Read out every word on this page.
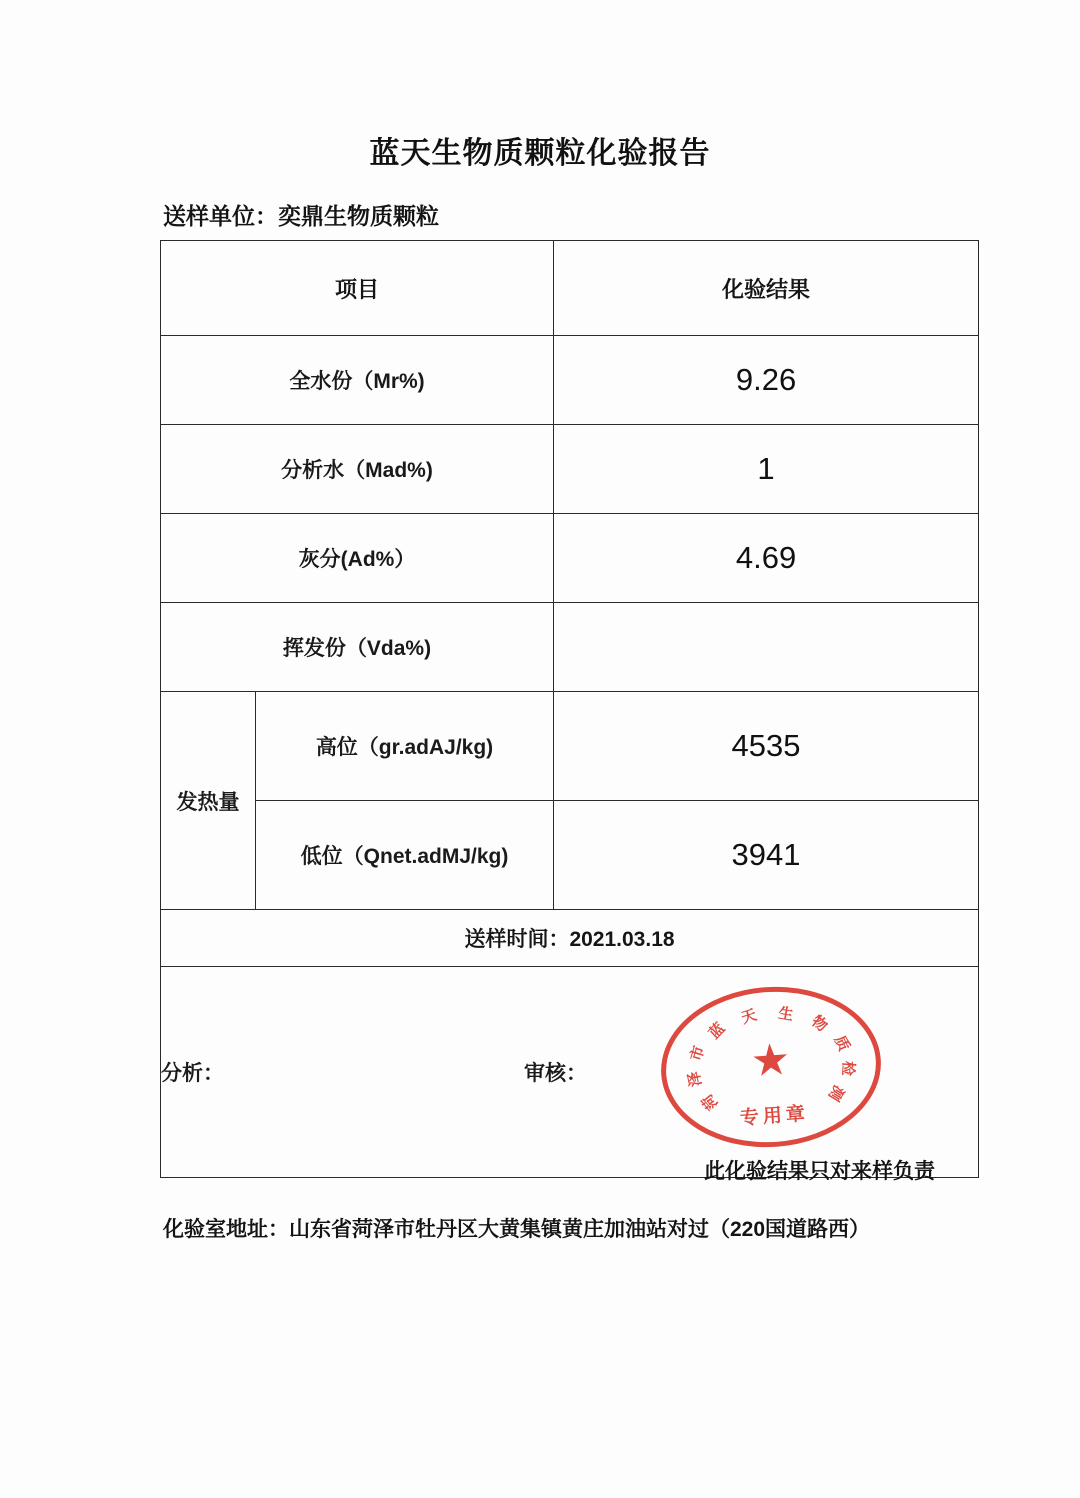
蓝天生物质颗粒化验报告
送样单位：奕鼎生物质颗粒
项目		化验结果
全水份（Mr%)		9.26
分析水（Mad%)		1
灰分(Ad%）		4.69
挥发份（Vda%)		
发热量	高位（gr.adAJ/kg)	4535
	低位（Qnet.adMJ/kg)	3941
送样时间：2021.03.18		

分析：	审核：
菏
泽
市
蓝
天 生 物
质
检
测
★
专用章
此化验结果只对来样负责
化验室地址：山东省菏泽市牡丹区大黄集镇黄庄加油站对过（220国道路西）
